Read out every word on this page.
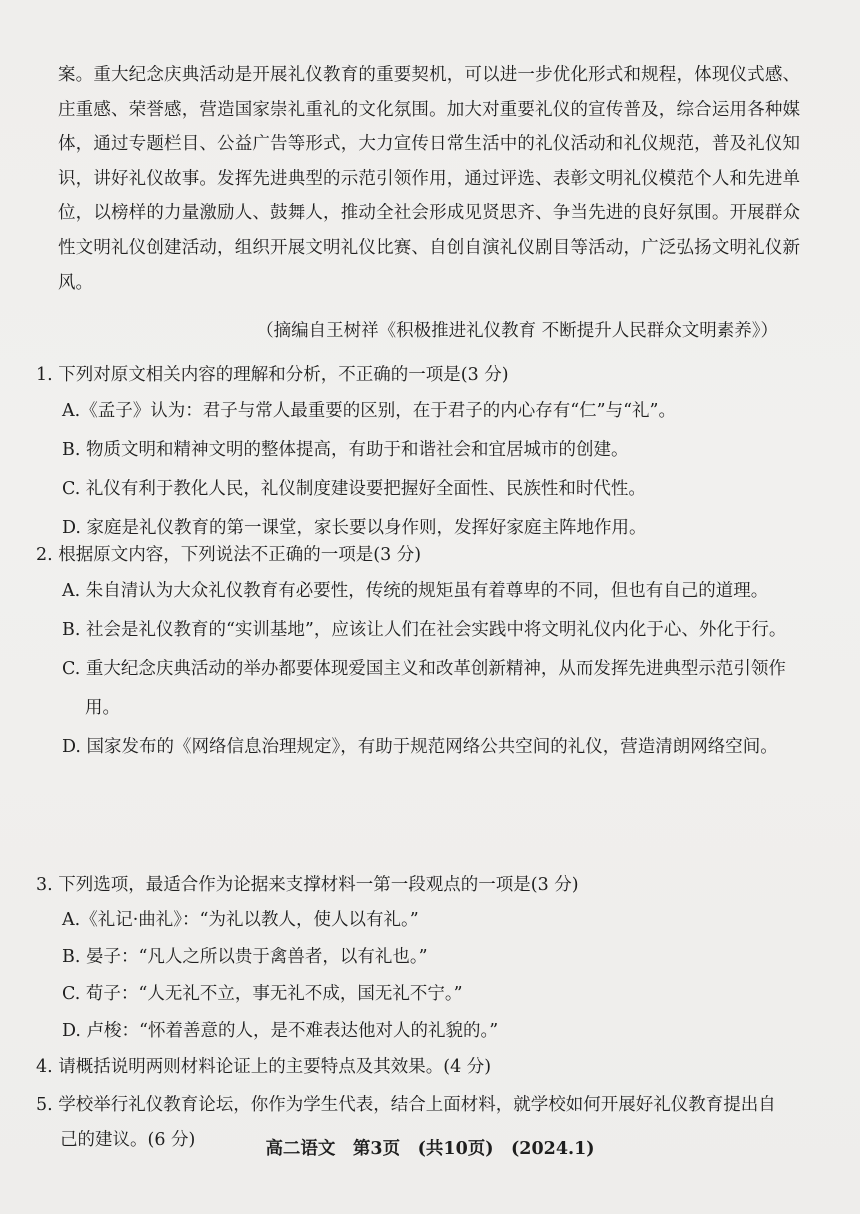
案。重大纪念庆典活动是开展礼仪教育的重要契机，可以进一步优化形式和规程，体现仪式感、庄重感、荣誉感，营造国家崇礼重礼的文化氛围。加大对重要礼仪的宣传普及，综合运用各种媒体，通过专题栏目、公益广告等形式，大力宣传日常生活中的礼仪活动和礼仪规范，普及礼仪知识，讲好礼仪故事。发挥先进典型的示范引领作用，通过评选、表彰文明礼仪模范个人和先进单位，以榜样的力量激励人、鼓舞人，推动全社会形成见贤思齐、争当先进的良好氛围。开展群众性文明礼仪创建活动，组织开展文明礼仪比赛、自创自演礼仪剧目等活动，广泛弘扬文明礼仪新风。
（摘编自王树祥《积极推进礼仪教育 不断提升人民群众文明素养》）
1. 下列对原文相关内容的理解和分析，不正确的一项是(3 分)
A.《孟子》认为：君子与常人最重要的区别，在于君子的内心存有“仁”与“礼”。
B. 物质文明和精神文明的整体提高，有助于和谐社会和宜居城市的创建。
C. 礼仪有利于教化人民，礼仪制度建设要把握好全面性、民族性和时代性。
D. 家庭是礼仪教育的第一课堂，家长要以身作则，发挥好家庭主阵地作用。
2. 根据原文内容，下列说法不正确的一项是(3 分)
A. 朱自清认为大众礼仪教育有必要性，传统的规矩虽有着尊卑的不同，但也有自己的道理。
B. 社会是礼仪教育的“实训基地”，应该让人们在社会实践中将文明礼仪内化于心、外化于行。
C. 重大纪念庆典活动的举办都要体现爱国主义和改革创新精神，从而发挥先进典型示范引领作用。
D. 国家发布的《网络信息治理规定》，有助于规范网络公共空间的礼仪，营造清朗网络空间。
3. 下列选项，最适合作为论据来支撑材料一第一段观点的一项是(3 分)
A.《礼记·曲礼》：“为礼以教人，使人以有礼。”
B. 晏子：“凡人之所以贵于禽兽者，以有礼也。”
C. 荀子：“人无礼不立，事无礼不成，国无礼不宁。”
D. 卢梭：“怀着善意的人，是不难表达他对人的礼貌的。”
4. 请概括说明两则材料论证上的主要特点及其效果。(4 分)
5. 学校举行礼仪教育论坛，你作为学生代表，结合上面材料，就学校如何开展好礼仪教育提出自己的建议。(6 分)	高二语文　第3页　(共10页)　(2024.1)
